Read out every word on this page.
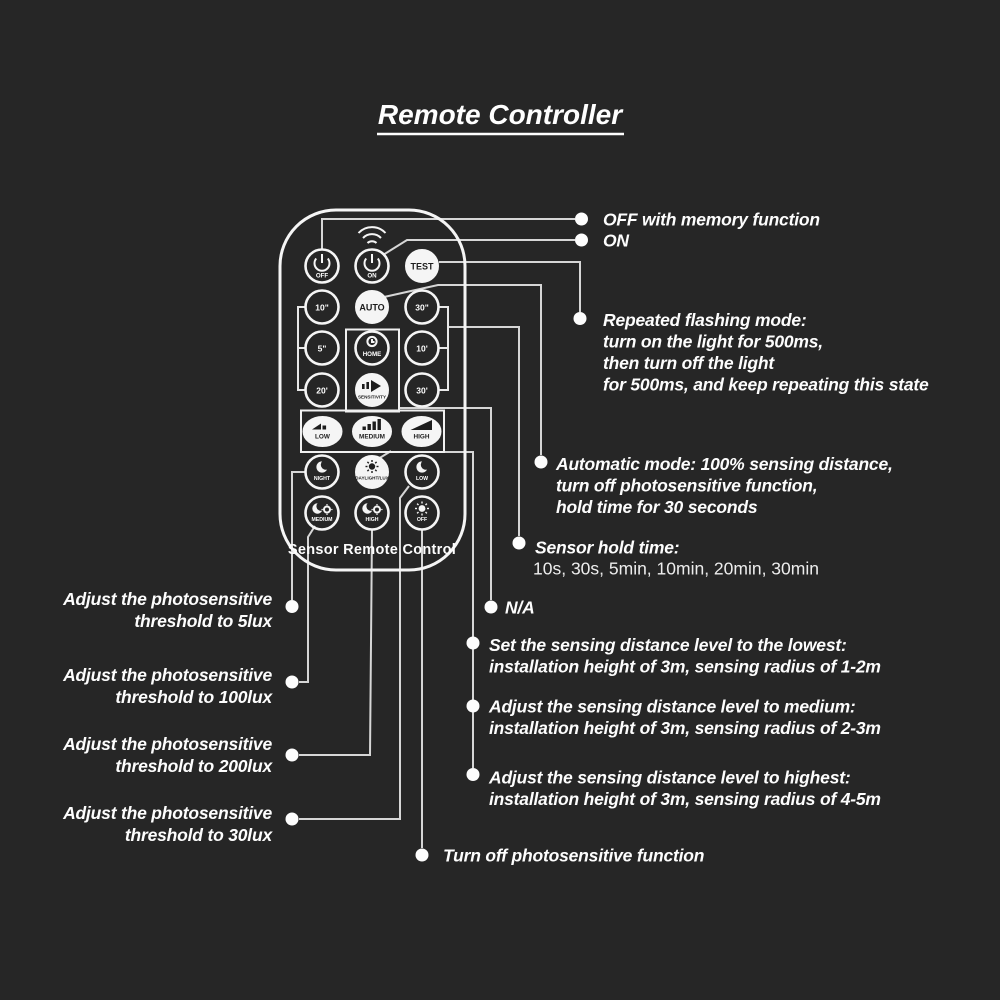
Remote Controller
OFF	ON
TEST
10"	AUTO	30"
5"
HOME
10'
20'
SENSITIVITY
30'
LOW	MEDIUM	HIGH
NIGHT	DAYLIGHT/LUX	LOW
MEDIUM	HIGH	OFF
Sensor Remote Control
OFF with memory function
ON
Repeated flashing mode:
turn on the light for 500ms,
then turn off the light
for 500ms, and keep repeating this state
Automatic mode: 100% sensing distance,
turn off photosensitive function,
hold time for 30 seconds
Sensor hold time:
10s, 30s, 5min, 10min, 20min, 30min
N/A
Set the sensing distance level to the lowest:
installation height of 3m, sensing radius of 1-2m
Adjust the sensing distance level to medium:
installation height of 3m, sensing radius of 2-3m
Adjust the sensing distance level to highest:
installation height of 3m, sensing radius of 4-5m
Turn off photosensitive function
Adjust the photosensitive
threshold to 5lux
Adjust the photosensitive
threshold to 100lux
Adjust the photosensitive
threshold to 200lux
Adjust the photosensitive
threshold to 30lux
